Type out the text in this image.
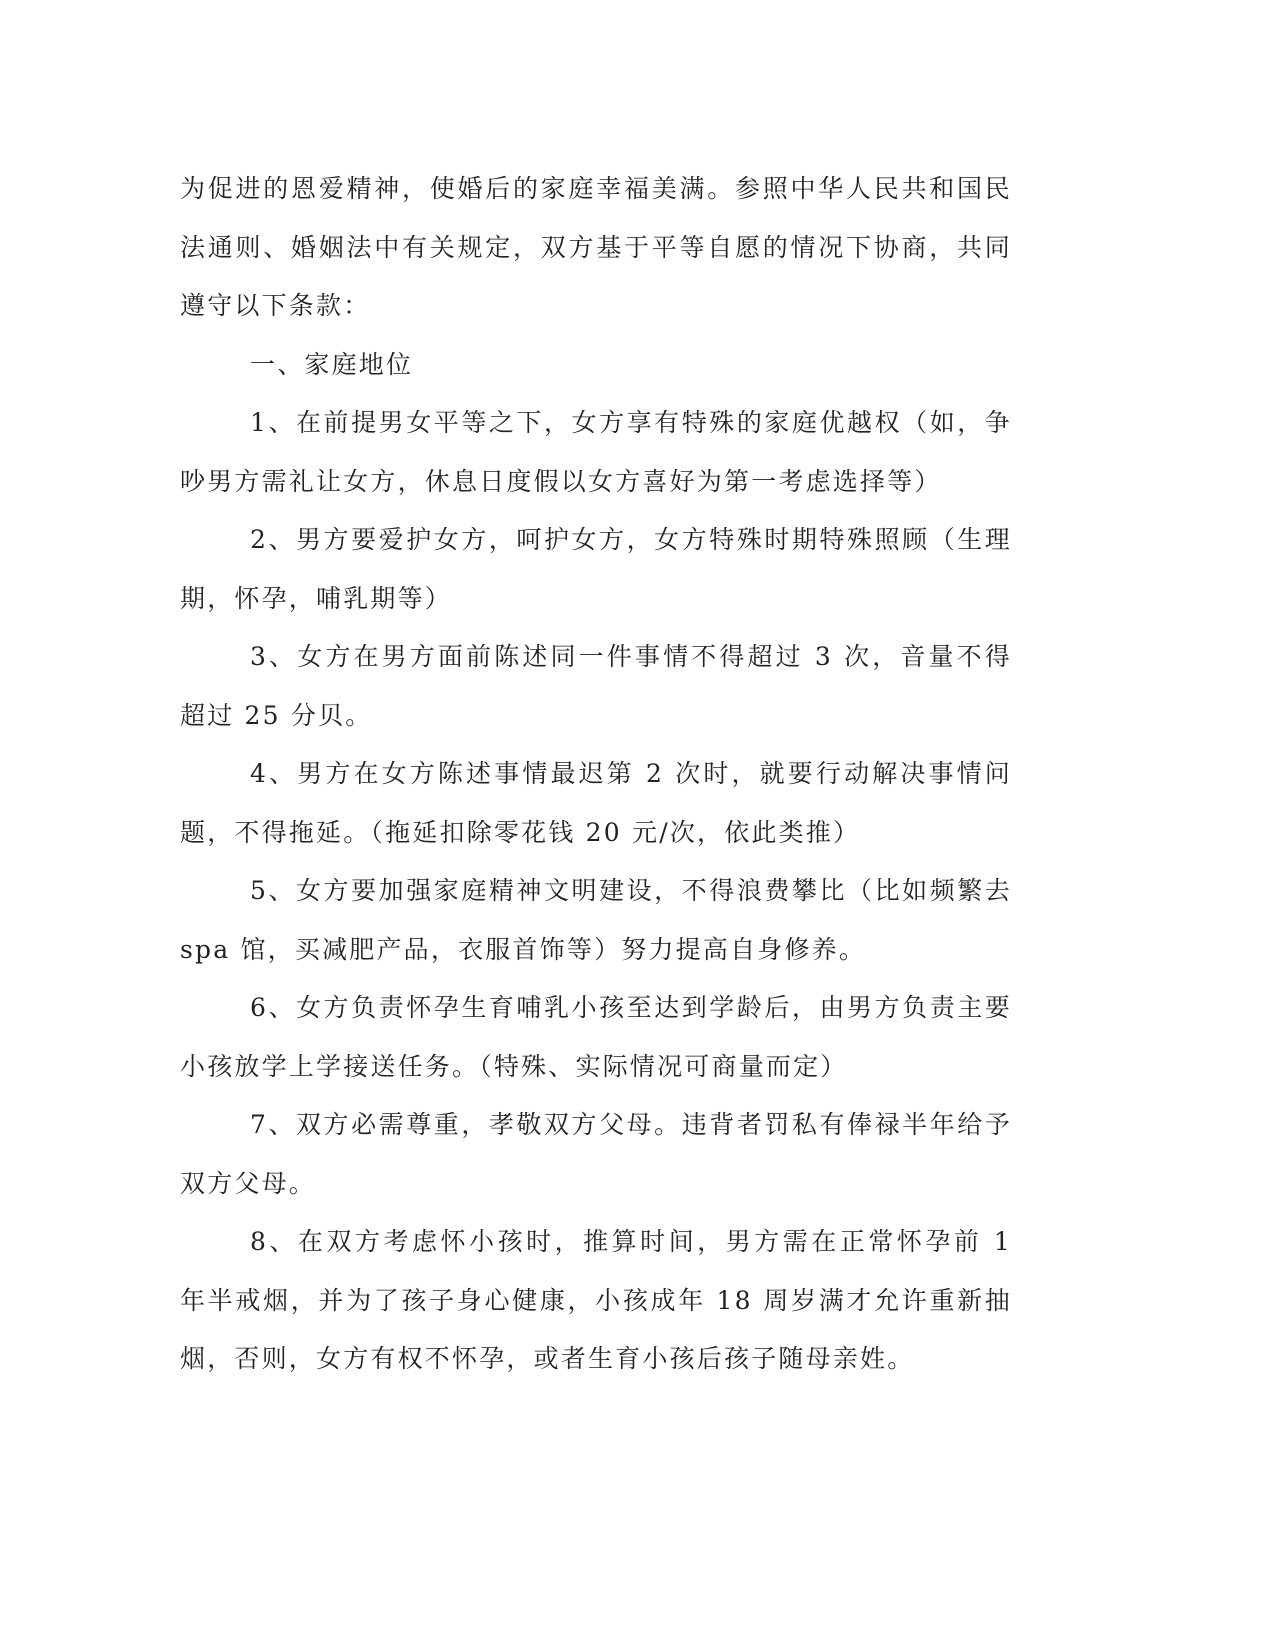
为促进的恩爱精神，使婚后的家庭幸福美满。参照中华人民共和国民法通则、婚姻法中有关规定，双方基于平等自愿的情况下协商，共同遵守以下条款：

一、家庭地位

1、在前提男女平等之下，女方享有特殊的家庭优越权（如，争吵男方需礼让女方，休息日度假以女方喜好为第一考虑选择等）

2、男方要爱护女方，呵护女方，女方特殊时期特殊照顾（生理期，怀孕，哺乳期等）

3、女方在男方面前陈述同一件事情不得超过 3 次，音量不得超过 25 分贝。

4、男方在女方陈述事情最迟第 2 次时，就要行动解决事情问题，不得拖延。（拖延扣除零花钱 20 元/次，依此类推）

5、女方要加强家庭精神文明建设，不得浪费攀比（比如频繁去 spa 馆，买减肥产品，衣服首饰等）努力提高自身修养。

6、女方负责怀孕生育哺乳小孩至达到学龄后，由男方负责主要小孩放学上学接送任务。（特殊、实际情况可商量而定）

7、双方必需尊重，孝敬双方父母。违背者罚私有俸禄半年给予双方父母。

8、在双方考虑怀小孩时，推算时间，男方需在正常怀孕前 1 年半戒烟，并为了孩子身心健康，小孩成年 18 周岁满才允许重新抽烟，否则，女方有权不怀孕，或者生育小孩后孩子随母亲姓。
